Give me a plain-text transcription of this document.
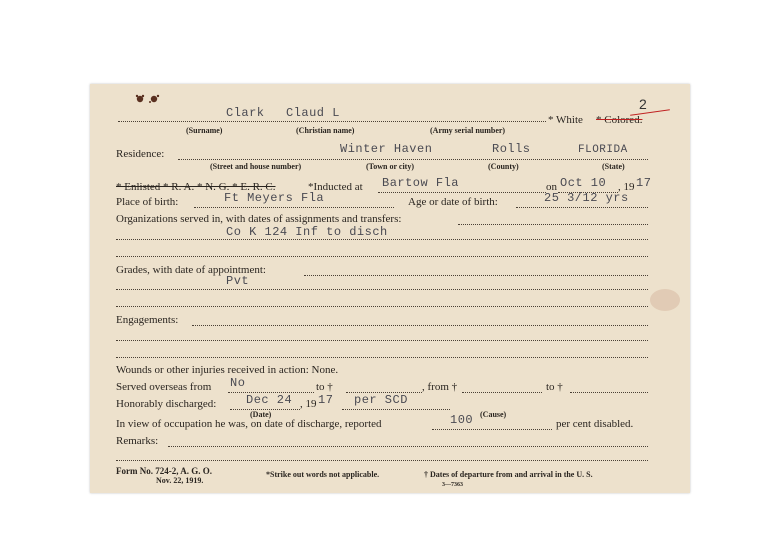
2
Clark Claud L	* White * Colored.
(Surname)	(Christian name)	(Army serial number)
Residence:	Winter Haven	Rolls	FLORIDA
(Street and house number)	(Town or city)	(County)	(State)
* Enlisted * R. A. * N. G. * E. R. C.	*Inducted at Bartow Fla	on Oct 10 , 19 17
Place of birth:	Ft Meyers Fla	Age or date of birth:	25 3/12 yrs
Organizations served in, with dates of assignments and transfers:
Co K 124 Inf to disch
Grades, with date of appointment:
Pvt
Engagements:
Wounds or other injuries received in action: None.
Served overseas from No	to †	, from †	to †
Honorably discharged: Dec 24 , 19 17 per SCD
(Date)	(Cause)
In view of occupation he was, on date of discharge, reported	100	per cent disabled.
Remarks:
Form No. 724-2, A. G. O.
Nov. 22, 1919.
*Strike out words not applicable.	† Dates of departure from and arrival in the U. S.
3—7363
